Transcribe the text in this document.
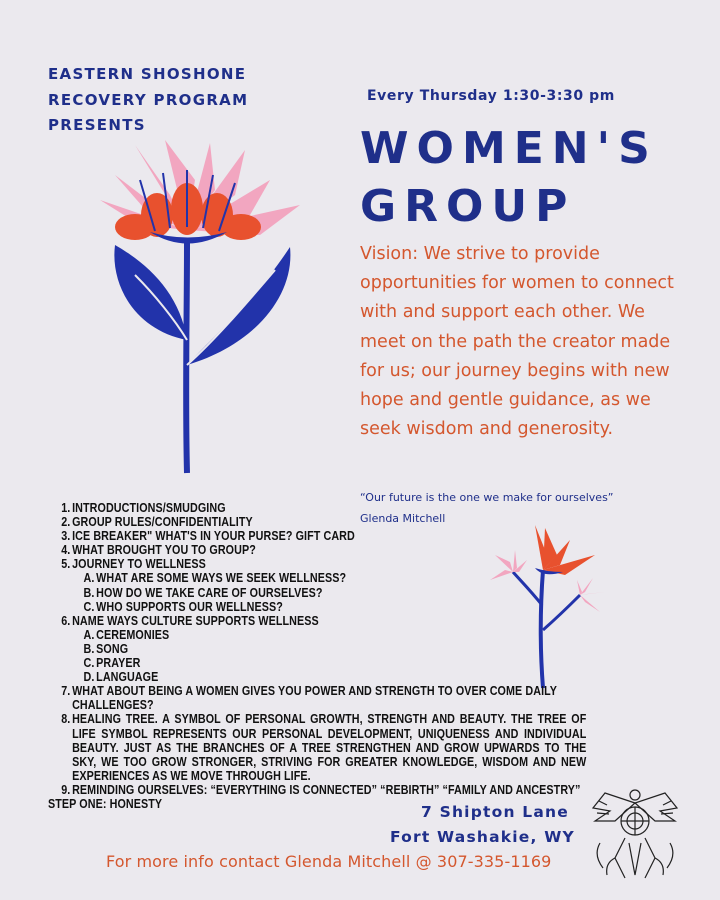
EASTERN SHOSHONE
RECOVERY PROGRAM
PRESENTS
Every Thursday 1:30-3:30 pm
WOMEN'S
GROUP
Vision: We strive to provide opportunities for women to connect with and support each other. We meet on the path the creator made for us; our journey begins with new hope and gentle guidance, as we seek wisdom and generosity.
“Our future is the one we make for ourselves”
Glenda Mitchell
1. INTRODUCTIONS/SMUDGING
2. GROUP RULES/CONFIDENTIALITY
3. ICE BREAKER" WHAT'S IN YOUR PURSE? GIFT CARD
4. WHAT BROUGHT YOU TO GROUP?
5. JOURNEY TO WELLNESS
A. WHAT ARE SOME WAYS WE SEEK WELLNESS?
B. HOW DO WE TAKE CARE OF OURSELVES?
C. WHO SUPPORTS OUR WELLNESS?
6. NAME WAYS CULTURE SUPPORTS WELLNESS
A. CEREMONIES
B. SONG
C. PRAYER
D. LANGUAGE
7. WHAT ABOUT BEING A WOMEN GIVES YOU POWER AND STRENGTH TO OVER COME DAILY CHALLENGES?
8. HEALING TREE. A SYMBOL OF PERSONAL GROWTH, STRENGTH AND BEAUTY. THE TREE OF LIFE SYMBOL REPRESENTS OUR PERSONAL DEVELOPMENT, UNIQUENESS AND INDIVIDUAL BEAUTY. JUST AS THE BRANCHES OF A TREE STRENGTHEN AND GROW UPWARDS TO THE SKY, WE TOO GROW STRONGER, STRIVING FOR GREATER KNOWLEDGE, WISDOM AND NEW EXPERIENCES AS WE MOVE THROUGH LIFE.
9. REMINDING OURSELVES: “EVERYTHING IS CONNECTED” “REBIRTH” “FAMILY AND ANCESTRY”
STEP ONE: HONESTY	7 Shipton Lane
Fort Washakie, WY
For more info contact Glenda Mitchell @ 307-335-1169
